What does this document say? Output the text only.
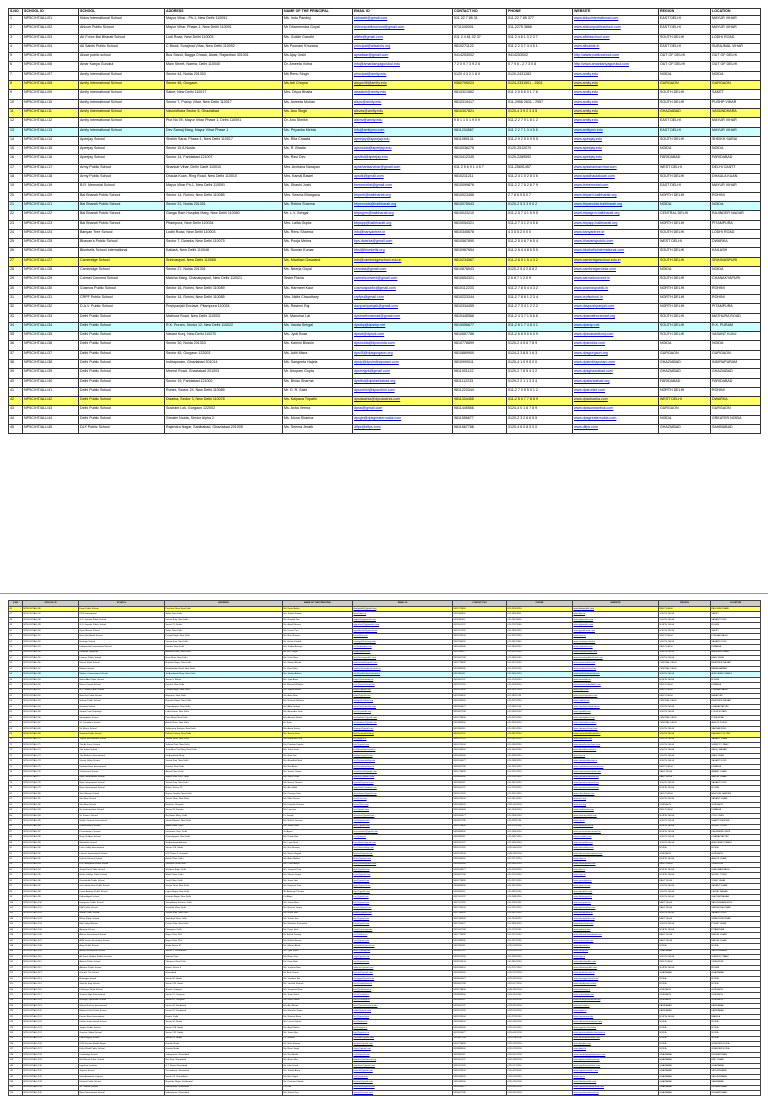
S.NO	SCHOOL ID	SCHOOL	ADDRESS	NAME OF THE PRINCIPAL	EMAIL ID	CONTACT NO	PHONE	WEBSITE	REGION	LOCATION
1	NPSC/HT/ALL/01	Kidos International School	Mayur Vihar - Ph-1, New Delhi 110091	Ms. Indu Pandey	kidosdel@gmail.com	011 22 7 85 31	011-22 7 85 377	www.kidosinternational.com	EAST DELHI	MAYUR VIHAR
2	NPSC/HT/ALL/02	Ahlcon Public School	Mayur Vihar, Phase-1, New Delhi 110091	Mr Dharmendra Goyal	ahlconpublicschool@gmail.com	9711040001	011-2275 3866	www.ahlconpublicschool.com	EAST DELHI	MAYUR VIHAR
3	NPSC/HT/ALL/03	Air Force Bal Bharati School	Lodi Road, New Delhi 110003	Ms. Goldie Gandhi	afbbs@gmail.com	011 2 4 61 02 37	011 2 4 6 1 0 2 3 7	www.afbbsschool.com	SOUTH DELHI	LODHI ROAD
4	NPSC/HT/ALL/04	All Saints Public School	C Block, Surajmal Vihar, New Delhi 110092	Ms Poonam Khurana	principal@allsaints.org	9810271122	011 2 2 3 7 4 4 5 1	www.allsaints.in	EAST DELHI	SURAJMAL VIHAR
5	NPSC/HT/ALL/05	Alwar public school	Bus Stand, Bagga Chowk, Alwar, Rajasthan 301001	Ms Ajay Joshi	apsalwar@gmail.com	9414253002	9414253002	http://alwarpublicschool.com	OUT OF DELHI	OUT OF DELHI
6	NPSC/HT/ALL/06	Amar Kanya Gurukul	Main Street, Narela, Delhi 110040	Dr. Ameeta Vohra	info@amarkanyagurukul.edu	7 2 0 9 7 3 9 2 6	0 7 9 6 - 2 7 3 0 8	http://www.amarkanyagurukul.com	OUT OF DELHI	OUT OF DELHI
7	NPSC/HT/ALL/07	Amity International School	Sector 44, Noida 201303	Ms Renu Singh	principal@amity.edu	0120 4 3 2 1 8 0	0120-2431283	www.amity.edu	NOIDA	NOIDA
8	NPSC/HT/ALL/08	Amity International School	Sector 46, Gurgaon	Ms Arti Chopra	aisgur46@amity.edu	9560795023	0124-2331501 - 2503	www.amity.edu	GURGAON	GURGAON
9	NPSC/HT/ALL/09	Amity International School	Saket, New Delhi 110017	Mrs. Divya Bhatia	aissaket@amity.edu	9810321562	011 2 9 5 6 0 1 7 6	www.amity.edu	SOUTH DELHI	SAKET
10	NPSC/HT/ALL/10	Amity International School	Sector 7, Pushp Vihar, New Delhi 110017	Ms. Ameeta Mohan	aispv@amity.edu	9810319417	011-2956 2631 - 2957	www.amity.edu	SOUTH DELHI	PUSHP VIHAR
11	NPSC/HT/ALL/11	Amity International School	Vasundhara Sector 6, Ghaziabad	Ms. Anu Singh	aisvas@amity.edu	9810307821	0120-4 3 9 2 3 4 5	www.amity.edu	GHAZIABAD	VASUNDHARA
12	NPSC/HT/ALL/12	Amity International School	Plot No 09, Mayur Vihar Phase 1, Delhi 110091	Dr. Anu Sheikh	aismv@amity.edu	9 8 1 1 0 1 9 0 9	011-2 2 7 9 1 8 1 2	www.amity.edu	EAST DELHI	MAYUR VIHAR
13	NPSC/HT/ALL/13	Amity International School	Dev Samaj Marg, Mayur Vihar Phase 1	Ms. Priyanka Mehta	info@amitymv.com	9811234567	011 2 2 7 1 3 4 5 5	www.amitymv.edu	EAST DELHI	MAYUR VIHAR
14	NPSC/HT/ALL/14	Apeejay School	Sheikh Sarai, Phase-1, New Delhi 110017	Ms. Rita Chawla	apeejay@apeejay.edu	9811089131	011-2 9 2 5 0 9 5 5	www.apeejay.edu	SOUTH DELHI	SHEIKH SARAI
15	NPSC/HT/ALL/15	Apeejay School	Sector 15 A Noida	Ms. R. Bhatia	apsnoida@apeejay.edu	9810036278	0120-2512070	www.apeejay.edu	NOIDA	NOIDA
16	NPSC/HT/ALL/16	Apeejay School	Sector 14, Faridabad 121007	Ms. Ravi Dev	apsfbd@apeejay.edu	9810412345	0129-2289592	www.apeejay.edu	FARIDABAD	FARIDABAD
17	NPSC/HT/ALL/17	Army Public School	Shankar Vihar, Delhi Cantt 110010	Mrs. Archana Narayan	apsshankarvihar@gmail.com	011 2 5 6 9 1 4 5 7	011-25691457	www.apsshankarvihar.com	WEST DELHI	DELHI CANTT
18	NPSC/HT/ALL/18	Army Public School	Dhaula Kuan, Ring Road, New Delhi 110010	Mrs. Kamal Bawel	apsdk@gmail.com	9810211211	011-2 4 1 0 2 8 3 6	www.apsdhaulakuan.com	SOUTH DELHI	DHAULA KUAN
19	NPSC/HT/ALL/19	B.R. Memorial School	Mayur Vihar Ph-1, New Delhi 110091	Ms. Shashi Joshi	brmemorial@gmail.com	9810099876	011-2 2 7 5 2 6 7 9	www.brmemorial.com	EAST DELHI	MAYUR VIHAR
20	NPSC/HT/ALL/20	Bal Bharati Public School	Sector 14, Rohini, New Delhi 110085	Mrs. Seema Bhargava	bbpsrh@balbharati.org	9810023456	2 7 8 6 9 5 0 7	www.bbpsrh.balbharati.org	NORTH DELHI	ROHINI
21	NPSC/HT/ALL/21	Bal Bharati Public School	Sector 21, Noida 201301	Ms. Rekha Sharma	bbpsnoida@balbharati.org	9810076543	0120-2 5 3 3 9 0 2	www.bbpsnoida.balbharati.org	NOIDA	NOIDA
22	NPSC/HT/ALL/22	Bal Bharati Public School	Ganga Ram Hospital Marg, New Delhi 110060	Mr. L.V. Sehgal	bbpsgrm@balbharati.org	9810043210	011-2 5 7 4 1 5 9 5	www.bbpsgrm.balbharati.org	CENTRAL DELHI	RAJINDER NAGAR
23	NPSC/HT/ALL/23	Bal Bharati Public School	Pitampura, New Delhi 110034	Mrs. Lalita Gupta	bbpspp@balbharati.org	9810054321	011-2 7 3 1 2 4 5 6	www.bbpspp.balbharati.org	NORTH DELHI	PITAMPURA
24	NPSC/HT/ALL/24	Banyan Tree School	Lodhi Road, New Delhi 110003	Ms. Renu Sharma	info@banyantree.in	9810345678	4 3 5 5 2 0 0 0	www.banyantree.in	SOUTH DELHI	LODHI ROAD
25	NPSC/HT/ALL/25	Bhavan's Public School	Sector 7, Dwarka, New Delhi 110075	Ms. Pooja Mehra	bps.dwarka@gmail.com	9810567890	011-2 5 0 8 7 6 5 4	www.bhavanspublic.com	WEST DELHI	DWARKA
26	NPSC/HT/ALL/26	Bluebells School International	Kailash, New Delhi 110048	Ms. Suman Kumar	bbsi@bluebells.org	9810987654	011-2 6 4 4 8 6 5 5	www.bluebellsinternational.com	SOUTH DELHI	KAILASH
27	NPSC/HT/ALL/27	Cambridge School	Srinivaspuri, New Delhi 110065	Ms. Madhavi Goswami	info@cambridgeschool.edu.in	9810234567	011-2 6 9 1 5 4 3 2	www.cambridgeschool.edu.in	SOUTH DELHI	SRINIVASPURI
28	NPSC/HT/ALL/28	Cambridge School	Sector 27, Noida 201301	Ms. Neerja Goyal	csnoida@gmail.com	9810876543	0120-2 5 4 2 8 6 2	www.cambridgenoida.com	NOIDA	NOIDA
29	NPSC/HT/ALL/29	Carmel Convent School	Malcha Marg, Chanakyapuri, New Delhi 110021	Sister Flavia	carmelconvent@gmail.com	9810654321	2 6 8 7 1 2 0 9	www.carmelconvent.in	SOUTH DELHI	CHANAKYAPURI
30	NPSC/HT/ALL/30	Cosmos Public School	Sector 16, Rohini, New Delhi 110089	Ms. Harmeet Kaur	cosmospublic@gmail.com	9810112233	011-2 7 8 5 4 4 3 2	www.cosmospublic.in	NORTH DELHI	ROHINI
31	NPSC/HT/ALL/31	CRPF Public School	Sector 14, Rohini, New Delhi 110085	Mrs. Nidhi Chaudhary	crpfps@gmail.com	9810223344	011-2 7 8 6 1 2 3 4	www.crpfschool.in	NORTH DELHI	ROHINI
32	NPSC/HT/ALL/32	D.A.V. Public School	Pushpanjali Enclave, Pitampura 110034	Ms. Rashmi Raj	davpushpanjali@gmail.com	9810334455	011-2 7 3 4 1 2 2 2	www.davpushpanjali.com	NORTH DELHI	PITAMPURA
33	NPSC/HT/ALL/33	Delhi Public School	Mathura Road, New Delhi 110003	Mr. Manohar Lal	dpsmathuraroad@gmail.com	9810445566	011-2 4 3 7 1 5 6 6	www.dpsmathuraroad.org	SOUTH DELHI	MATHURA ROAD
34	NPSC/HT/ALL/34	Delhi Public School	R.K. Puram, Sector 12, New Delhi 110022	Ms. Vanita Sehgal	dpsrkp@dpsrkp.net	9810556677	011-2 6 1 7 4 8 3 1	www.dpsrkp.net	SOUTH DELHI	R.K. PURAM
35	NPSC/HT/ALL/35	Delhi Public School	Vasant Kunj, New Delhi 110070	Ms. Jyoti Bose	dpsvk@dpsvk.com	9810667788	011-2 6 8 9 0 6 0 9	www.dpsvasantkunj.com	SOUTH DELHI	VASANT KUNJ
36	NPSC/HT/ALL/36	Delhi Public School	Sector 30, Noida 201303	Ms. Kamini Bhasin	dpsnoida@dpsnoida.com	9810778899	0120-2 4 5 6 7 8 9	www.dpsnoida.com	NOIDA	NOIDA
37	NPSC/HT/ALL/37	Delhi Public School	Sector 45, Gurgaon 122003	Ms. Aditi Misra	dps45@dpsgurgaon.org	9810889900	0124-2 3 8 5 1 6 3	www.dpsgurgaon.org	GURGAON	GURGAON
38	NPSC/HT/ALL/38	Delhi Public School	Indirapuram, Ghaziabad 201014	Ms. Sangeeta Hajela	dpsip@dpsindirapuram.com	9810990011	0120-4 1 0 9 5 0 0	www.dpsindirapuram.com	GHAZIABAD	INDIRAPURAM
39	NPSC/HT/ALL/39	Delhi Public School	Meerut Road, Ghaziabad 201003	Mr. Anupam Gupta	dpsmrgzb@gmail.com	9811001122	0120-2 7 6 5 4 3 2	www.dpsghaziabad.com	GHAZIABAD	GHAZIABAD
40	NPSC/HT/ALL/40	Delhi Public School	Sector 19, Faridabad 121002	Ms. Bindu Sharma	dpsfbd@dpsfaridabad.org	9811112233	0129-2 2 1 1 3 3 4	www.dpsfaridabad.org	FARIDABAD	FARIDABAD
41	NPSC/HT/ALL/41	Delhi Public School	Rohini, Sector 24, New Delhi 110085	Mr. D. R. Saini	dpsrohini@dpsrohini.com	9811223344	011-2 7 0 5 5 0 1 2	www.dpsrohini.com	NORTH DELHI	ROHINI
42	NPSC/HT/ALL/42	Delhi Public School	Dwarka, Sector 3, New Delhi 110078	Ms. Kalpana Tripathi	dpsdwarka@dpsdwarka.com	9811334455	011-2 5 0 7 7 8 8 9	www.dpsdwarka.com	WEST DELHI	DWARKA
43	NPSC/HT/ALL/43	Delhi Public School	Sushant Lok, Gurgaon 122002	Ms. Asha Verma	dpssl@gmail.com	9811445566	0124-4 0 1 6 7 8 9	www.dpssushantlok.com	GURGAON	GURGAON
44	NPSC/HT/ALL/44	Delhi Public School	Greater Noida, Sector Alpha 2	Ms. Mona Sharma	dpsgn@dpsgreaternoida.com	9811556677	0120-2 3 2 6 6 5 5	www.dpsgreaternoida.com	NOIDA	GREATER NOIDA
45	NPSC/HT/ALL/45	DLF Public School	Rajendra Nagar, Sahibabad, Ghaziabad 201005	Ms. Seema Jerath	dlfps@dlfps.com	9811667788	0120-4 6 0 8 5 0 0	www.dlfps.com	GHAZIABAD	SAHIBABAD
S.NO	SCHOOL ID	SCHOOL	ADDRESS	NAME OF THE PRINCIPAL	EMAIL ID	CONTACT NO	PHONE	WEBSITE	REGION	LOCATION
46	NPSC/HT/ALL/46	Doon Public School	Paschim Vihar, New Delhi	Ms. Kiran Mehta	doonpublic@gmail.com	9811778899	011-25261234	www.doonpublic.com	WEST DELHI	PASCHIM VIHAR
47	NPSC/HT/ALL/47	DPS International	Saket, New Delhi	Ms. Shalini Kapoor	dpsi@dpsi.in	9811889900	011-29563421	www.dpsi.in	SOUTH DELHI	SAKET
48	NPSC/HT/ALL/48	G.D. Goenka Public School	Vasant Kunj, New Delhi	Ms. Nandita Jain	gdgvk@gdgoenka.com	9811990011	011-26133456	www.gdgoenka.com	SOUTH DELHI	VASANT KUNJ
49	NPSC/HT/ALL/49	G.D. Goenka Public School	Sector 22, Rohini	Ms. Anjali Khanna	gdgrohini@gdgoenka.com	9812001122	011-27873456	www.gdgoenka.com	NORTH DELHI	ROHINI
50	NPSC/HT/ALL/50	Gyan Bharati School	Saket, New Delhi	Ms. Kaveri Puri	gyanbharati@gmail.com	9812112233	011-29561234	www.gyanbharati.com	SOUTH DELHI	SAKET
51	NPSC/HT/ALL/51	Hans Raj Model School	Punjabi Bagh, New Delhi	Ms. Rita Sharma	hrms@hrms.in	9812223344	011-25221234	www.hrms.in	WEST DELHI	PUNJABI BAGH
52	NPSC/HT/ALL/52	Heritage School	Vasant Kunj, New Delhi	Mr. Vishnu Karthik	heritage@heritage.edu	9812334455	011-26122345	www.heritageschool.in	SOUTH DELHI	VASANT KUNJ
53	NPSC/HT/ALL/53	Indraprastha International School	Dwarka, New Delhi	Ms. Sudha Acharya	iis@iisdwarka.com	9812445566	011-28041234	www.iisdwarka.com	WEST DELHI	DWARKA
54	NPSC/HT/ALL/54	Kendriya Vidyalaya	Andrews Ganj, New Delhi	Mr. R.K. Singh	kvag@gmail.com	9812556677	011-26251234	www.kvandrewsganj.org	SOUTH DELHI	ANDREWS GANJ
55	NPSC/HT/ALL/55	Laxman Public School	Hauz Khas, New Delhi	Ms. Usha Ram	lps@laxmanpublic.com	9812667788	011-26561234	www.laxmanpublicschool.com	SOUTH DELHI	HAUZ KHAS
56	NPSC/HT/ALL/56	Manav Sthali School	Rajinder Nagar, New Delhi	Ms. Mamta Bhatia	manavsthali@gmail.com	9812778899	011-25731234	www.manavsthali.com	CENTRAL DELHI	RAJINDER NAGAR
57	NPSC/HT/ALL/57	Modern School	Barakhamba Road, New Delhi	Dr. Vijay Datta	modern@modernschool.net	9812889900	011-23311234	www.modernschool.net	CENTRAL DELHI	BARAKHAMBA
58	NPSC/HT/ALL/58	Mother's International School	Sri Aurobindo Marg, New Delhi	Ms. Shalini Advani	mis@motherinternational.in	9812990011	011-26561234	www.motherinternational.in	SOUTH DELHI	AUROBINDO MARG
59	NPSC/HT/ALL/59	Mount Abu Public School	Sector 5, Rohini	Ms. Jyoti Arora	maps@mountabu.in	9813001122	011-27051234	www.mountabu.in	NORTH DELHI	ROHINI
60	NPSC/HT/ALL/60	Mount Carmel School	Dwarka, New Delhi	Mr. Michael Williams	mcs@mountcarmel.in	9813112233	011-25081234	www.mountcarmeldelhi.com	WEST DELHI	DWARKA
61	NPSC/HT/ALL/61	N.C. Jindal Public School	Punjabi Bagh, New Delhi	Ms. Sapna Bhalla	ncjps@gmail.com	9813223344	011-25221234	www.ncjps.com	WEST DELHI	PUNJABI BAGH
62	NPSC/HT/ALL/62	New Era Public School	Mayapuri, New Delhi	Ms. Anita Rani	neps@gmail.com	9813334455	011-28111234	www.nepsmayapuri.com	WEST DELHI	MAYAPURI
63	NPSC/HT/ALL/63	Salwan Public School	Rajinder Nagar, New Delhi	Ms. Rashmi Malhotra	salwan@salwan.org	9813445566	011-25731234	www.salwan.org	CENTRAL DELHI	RAJINDER NAGAR
64	NPSC/HT/ALL/64	Sanskriti School	Chanakyapuri, New Delhi	Ms. Abha Sahgal	sanskriti@sanskriti.edu	9813556677	011-26111234	www.sanskritischool.edu.in	SOUTH DELHI	CHANAKYAPURI
65	NPSC/HT/ALL/65	Sardar Patel Vidyalaya	Lodhi Estate, New Delhi	Ms. Anuradha Joshi	spv@spvdelhi.org	9813667788	011-24361234	www.spvdelhi.org	SOUTH DELHI	LODHI ESTATE
66	NPSC/HT/ALL/66	Springdales School	Pusa Road, New Delhi	Ms. Ameeta Wattal	springdales@gmail.com	9813778899	011-25751234	www.springdales.com	CENTRAL DELHI	PUSA ROAD
67	NPSC/HT/ALL/67	St. Columba's School	Ashok Place, New Delhi	Br. Ryan	stcolumbas@gmail.com	9813889900	011-23361234	www.stcolumbas.edu.in	CENTRAL DELHI	ASHOK PLACE
68	NPSC/HT/ALL/68	St. Mary's School	Safdarjung Enclave, New Delhi	Ms. Annie Koshy	stmarys@gmail.com	9813990011	011-26101234	www.stmarysschool.com	SOUTH DELHI	SAFDARJUNG
69	NPSC/HT/ALL/69	Summer Fields School	Kailash Colony, New Delhi	Ms. Seema Kaur	sfs@summerfields.in	9814001122	011-29231234	www.summerfieldsschool.in	SOUTH DELHI	KAILASH COLONY
70	NPSC/HT/ALL/70	Tagore International School	Vasant Vihar, New Delhi	Ms. Madhulika Sen	tis@tagore.in	9814112233	011-26141234	www.tagoreint.com	SOUTH DELHI	VASANT VIHAR
71	NPSC/HT/ALL/71	The Air Force School	Subroto Park, New Delhi	Ms. Poonam Kapoor	tafs@gmail.com	9814223344	011-25691234	www.theairforceschool.com	SOUTH DELHI	SUBROTO PARK
72	NPSC/HT/ALL/72	The Indian School	Josip Broz Tito Marg, New Delhi	Ms. Tania Joshi	tis@theindianschool.in	9814334455	011-26491234	www.theindianschool.in	SOUTH DELHI	SADIQ NAGAR
73	NPSC/HT/ALL/73	The Mother's International	Sri Aurobindo Marg	Ms. Rina Das	mother@gmail.com	9814445566	011-26851234	www.tmis.in	SOUTH DELHI	HAUZ KHAS
74	NPSC/HT/ALL/74	Vasant Valley School	Vasant Kunj, New Delhi	Ms. Arundhati Nath	vvs@vasantvalley.edu	9814556677	011-26891234	www.vasantvalley.edu.in	SOUTH DELHI	VASANT KUNJ
75	NPSC/HT/ALL/75	Venkateshwar International	Dwarka, New Delhi	Ms. Nita Arora	vis@venkateshwar.in	9814667788	011-25071234	www.venkateshwarschool.com	WEST DELHI	DWARKA
76	NPSC/HT/ALL/76	Vivekanand School	Anand Vihar, Delhi	Ms. Sunita Chopra	vivekanand@gmail.com	9814778899	011-22151234	www.vivekanandschool.com	EAST DELHI	ANAND VIHAR
77	NPSC/HT/ALL/77	Ryan International School	Mayur Vihar Ph-3, Delhi	Ms. Grace Pinto	ryanmv@ryanint.com	9814889900	011-22621234	www.ryaninternational.org	EAST DELHI	MAYUR VIHAR
78	NPSC/HT/ALL/78	Ryan International School	Vasant Kunj, New Delhi	Ms. Beena Thomas	ryanvk@ryanint.com	9814990011	011-26131234	www.ryaninternational.org	SOUTH DELHI	VASANT KUNJ
79	NPSC/HT/ALL/79	Ryan International School	Rohini, Sector 25	Ms. Anu Malik	ryanrohini@ryanint.com	9815001122	011-27941234	www.ryaninternational.org	NORTH DELHI	ROHINI
80	NPSC/HT/ALL/80	Shiv Niketan School	Rajouri Garden, New Delhi	Ms. Parveen Kaur	shivniketan@gmail.com	9815112233	011-25101234	www.shivniketan.com	WEST DELHI	RAJOURI GARDEN
81	NPSC/HT/ALL/81	Shri Ram School	Vasant Vihar, New Delhi	Ms. Mala Kumar	tsrs@tsrs.org	9815223344	011-26141234	www.tsrs.org	SOUTH DELHI	VASANT VIHAR
82	NPSC/HT/ALL/82	Shri Ram School	Moulsari, Gurgaon	Ms. Deepika Sharma	tsrsm@tsrs.org	9815334455	0124-4041234	www.tsrs.org	GURGAON	GURGAON
83	NPSC/HT/ALL/83	Sri Venkateshwar School	Sector 18, Dwarka	Ms. Lata Iyer	svs@gmail.com	9815445566	011-25081234	www.svsdwarka.com	WEST DELHI	DWARKA
84	NPSC/HT/ALL/84	St. Xavier's School	Raj Niwas Marg, Delhi	Fr. Joseph	stxaviers@gmail.com	9815556677	011-23961234	www.stxaviersdelhi.com	NORTH DELHI	CIVIL LINES
85	NPSC/HT/ALL/85	Sadhu Vaswani International	Shanti Niketan, New Delhi	Ms. Rekha Vaswani	svis@gmail.com	9815667788	011-24111234	www.svis.in	SOUTH DELHI	SHANTI NIKETAN
86	NPSC/HT/ALL/86	Queen Mary's School	Model Town, Delhi	Ms. Sarah John	qms@gmail.com	9815778899	011-27211234	www.queenmarys.in	NORTH DELHI	MODEL TOWN
87	NPSC/HT/ALL/87	Presentation Convent	Kashmere Gate, Delhi	Sr. Agnes	presentation@gmail.com	9815889900	011-23961234	www.presentationconvent.in	NORTH DELHI	KASHMERE GATE
88	NPSC/HT/ALL/88	Navy Children School	Chanakyapuri, New Delhi	Ms. Kavita Nair	ncs@navy.in	9815990011	011-26871234	www.ncsdelhi.com	SOUTH DELHI	CHANAKYAPURI
89	NPSC/HT/ALL/89	Mirambika School	Sri Aurobindo Ashram	Ms. Lopa Shah	mirambika@gmail.com	9816001122	011-26561234	www.mirambika.org	SOUTH DELHI	AUROBINDO MARG
90	NPSC/HT/ALL/90	Lotus Valley International	Sector 126, Noida	Ms. Ritu Sharma	lvis@lotusvalley.com	9816112233	0120-4601234	www.lotusvalley.com	NOIDA	NOIDA
91	NPSC/HT/ALL/91	Lancers International School	DLF Phase 5, Gurgaon	Ms. Neeru Nagpal	lancers@gmail.com	9816223344	0124-4591234	www.lancersinternational.com	GURGAON	GURGAON
92	NPSC/HT/ALL/92	Kulachi Hansraj School	Ashok Vihar, Delhi	Ms. Anita Makkar	khms@gmail.com	9816334455	011-27131234	www.khms.in	NORTH DELHI	ASHOK VIHAR
93	NPSC/HT/ALL/93	K.R. Mangalam World School	Vikaspuri, New Delhi	Ms. Preeti Ahuja	krm@krmangalam.com	9816445566	011-28541234	www.krmangalam.com	WEST DELHI	VIKASPURI
94	NPSC/HT/ALL/94	Jaspal Kaur Public School	Shalimar Bagh, Delhi	Ms. Jaspreet Kaur	jkps@gmail.com	9816556677	011-27481234	www.jkps.in	NORTH DELHI	SHALIMAR BAGH
95	NPSC/HT/ALL/95	Hindu College Public School	Model Town, Delhi	Ms. Meena Gupta	hcps@gmail.com	9816667788	011-27241234	www.hcps.in	NORTH DELHI	MODEL TOWN
96	NPSC/HT/ALL/96	Greenfields Public School	Vivek Vihar, Delhi	Ms. Sonia Jain	gps@gmail.com	9816778899	011-22151234	www.greenfields.in	EAST DELHI	VIVEK VIHAR
97	NPSC/HT/ALL/97	Guru Harkrishan Public School	Vasant Vihar, New Delhi	Ms. Harpreet Kaur	ghps@gmail.com	9816889900	011-26141234	www.ghpsvv.com	SOUTH DELHI	VASANT VIHAR
98	NPSC/HT/ALL/98	Frank Anthony Public School	Lajpat Nagar, New Delhi	Mr. Anthony D'Souza	faps@gmail.com	9816990011	011-26411234	www.fapsdelhi.com	SOUTH DELHI	LAJPAT NAGAR
99	NPSC/HT/ALL/99	Father Agnel School	Gautam Nagar, New Delhi	Fr. Alwyn	fas@gmail.com	9817001122	011-26861234	www.fatheragnel.in	SOUTH DELHI	GAUTAM NAGAR
100	NPSC/HT/ALL/100	Evergreen Public School	Vasundhara Enclave, Delhi	Ms. Geeta Rani	eps@gmail.com	9817112233	011-22611234	www.evergreen.in	EAST DELHI	VASUNDHARA ENCL.
101	NPSC/HT/ALL/101	DAV Public School	Sreshtha Vihar, Delhi	Ms. Rashmi Verma	davsv@gmail.com	9817223344	011-22151234	www.davsreshtha.com	EAST DELHI	SRESHTHA VIHAR
102	NPSC/HT/ALL/102	Bloom Public School	Vasant Kunj, New Delhi	Ms. Nisha Rao	bloom@gmail.com	9817334455	011-26131234	www.bloompublic.in	SOUTH DELHI	VASANT KUNJ
103	NPSC/HT/ALL/103	Bharti Public School	Swasthya Vihar, Delhi	Ms. Sunita Jain	bps@gmail.com	9817445566	011-22041234	www.bhartipublic.com	EAST DELHI	SWASTHYA VIHAR
104	NPSC/HT/ALL/104	Birla Vidya Niketan	Pushp Vihar, New Delhi	Ms. Minakshi Kushwaha	bvn@gmail.com	9817556677	011-29561234	www.bvnschool.com	SOUTH DELHI	PUSHP VIHAR
105	NPSC/HT/ALL/105	Apeejay School	Pitampura, Delhi	Ms. Pooja Seth	apsp@apeejay.edu	9817667788	011-27311234	www.apeejay.edu	NORTH DELHI	PITAMPURA
106	NPSC/HT/ALL/106	Ahlcon International School	Mayur Vihar Ph-1	Mr. Ashok Pandey	ais@ahlcon.in	9817778899	011-22751234	www.ahlconinternational.com	EAST DELHI	MAYUR VIHAR
107	NPSC/HT/ALL/107	ASN Senior Secondary School	Mayur Vihar Ph-1	Ms. Rekha Bansal	asn@gmail.com	9817889900	011-22711234	www.asnschool.com	EAST DELHI	MAYUR VIHAR
108	NPSC/HT/ALL/108	Army Public School	Noida Sector 37	Ms. Meenu Bhatt	apsnoida@gmail.com	9817990011	0120-2431234	www.apsnoida.in	NOIDA	NOIDA
109	NPSC/HT/ALL/109	Amity International School	Sector 1, Vasundhara	Ms. Jyoti Sahni	aisv1@amity.edu	9818001122	0120-4391234	www.amity.edu	GHAZIABAD	VASUNDHARA
110	NPSC/HT/ALL/110	Air Force Golden Jubilee Institute	Subroto Park	Ms. Rama Das	afgji@gmail.com	9818112233	011-25691234	www.afgji.in	SOUTH DELHI	SUBROTO PARK
111	NPSC/HT/ALL/111	Adarsh Public School	Vikaspuri, New Delhi	Ms. Kiran Bala	aps@gmail.com	9818223344	011-28541234	www.adarshpublic.com	WEST DELHI	VIKASPURI
112	NPSC/HT/ALL/112	Abhinav Public School	Rohini, Sector 3	Ms. Sushma Rani	abhinav@gmail.com	9818334455	011-27571234	www.abhinavpublic.com	NORTH DELHI	ROHINI
113	NPSC/HT/ALL/113	Gurukul The School	Ghaziabad	Mr. Arun Kumar	gurukul@gmail.com	9818445566	0120-2761234	www.gurukulschool.in	GHAZIABAD	GHAZIABAD
114	NPSC/HT/ALL/114	Ramagya School	Sector 50, Noida	Ms. Vandana Rai	ramagya@gmail.com	9818556677	0120-4201234	www.ramagyaschool.com	NOIDA	NOIDA
115	NPSC/HT/ALL/115	Step By Step School	Sector 132, Noida	Ms. Vaishali Sharma	sbs@stepbystep.in	9818667788	0120-4771234	www.stepbystep.school	NOIDA	NOIDA
116	NPSC/HT/ALL/116	Pathways World School	Aravali, Gurgaon	Ms. Sangeeta Bose	pws@pathways.in	9818778899	0124-4821234	www.pathways.in	GURGAON	GURGAON
117	NPSC/HT/ALL/117	Scottish High International	Sector 57, Gurgaon	Ms. Sarita Kohli	shis@scottish.in	9818889900	0124-4111234	www.scottishigh.com	GURGAON	GURGAON
118	NPSC/HT/ALL/118	Heritage Xperiential School	Sector 62, Gurgaon	Ms. Neeru Mittal	hxls@heritage.in	9818990011	0124-4551234	www.heritagexperiential.org	GURGAON	GURGAON
119	NPSC/HT/ALL/119	Manav Rachna International	Sector 46, Faridabad	Ms. Anu Bhatia	mris@manavrachna.edu	9819001122	0129-4191234	www.mris.edu.in	FARIDABAD	FARIDABAD
120	NPSC/HT/ALL/120	Modern Delhi Public School	Sector 87, Faridabad	Ms. Manisha Gupta	mdps@gmail.com	9819112233	0129-4031234	www.mdps.in	FARIDABAD	FARIDABAD
121	NPSC/HT/ALL/121	Kasturi Ram International	Narela, Delhi	Ms. Naveen Rana	kris@gmail.com	9819223344	011-27281234	www.kasturiram.edu	NORTH DELHI	NARELA
122	NPSC/HT/ALL/122	Kothari International School	Sector 50, Noida	Ms. Leena Kothari	kis@kothari.in	9819334455	0120-4561234	www.kothariinternational.com	NOIDA	NOIDA
123	NPSC/HT/ALL/123	Jaypee Public School	Sector 128, Noida	Ms. Anjali Mehra	jps@jaypee.in	9819445566	0120-4611234	www.jaypeeschool.com	NOIDA	NOIDA
124	NPSC/HT/ALL/124	Genesis Global School	Sector 132, Noida	Ms. Sarita Rao	ggs@genesis.in	9819556677	0120-4621234	www.genesisglobalschool.edu.in	NOIDA	NOIDA
125	NPSC/HT/ALL/125	Father Agnel School	Sector 62, Noida	Fr. Thomas	fasnoida@gmail.com	9819667788	0120-2401234	www.fatheragnelnoida.com	NOIDA	NOIDA
126	NPSC/HT/ALL/126	DPS Gautam Buddh Nagar	Greater Noida	Ms. Bela Sharma	dpsgbn@gmail.com	9819778899	0120-2321234	www.dpsgbn.com	NOIDA	GREATER NOIDA
127	NPSC/HT/ALL/127	Delhi World Public School	Greater Noida	Ms. Renu Singh	dwps@gmail.com	9819889900	0120-2331234	www.dwps.in	NOIDA	GREATER NOIDA
128	NPSC/HT/ALL/128	Cambridge School	Indirapuram, Ghaziabad	Ms. Ritu Bhalla	csip@gmail.com	9819990011	0120-4151234	www.cambridgeindirapuram.com	GHAZIABAD	INDIRAPURAM
129	NPSC/HT/ALL/129	Bal Bharati Public School	Brij Vihar, Ghaziabad	Ms. Aruna Roy	bbpsbv@balbharati.org	9820001122	0120-2681234	www.bbpsbv.balbharati.org	GHAZIABAD	BRIJ VIHAR
130	NPSC/HT/ALL/130	Ingraham Institute	G.T. Road, Ghaziabad	Mr. John David	ingraham@gmail.com	9820112233	0120-2711234	www.ingrahaminstitute.com	GHAZIABAD	GHAZIABAD
131	NPSC/HT/ALL/131	Jaipuria School	Vasundhara, Ghaziabad	Ms. Shikha Arora	jaipuria@gmail.com	9820223344	0120-4551234	www.jaipuriaschools.com	GHAZIABAD	VASUNDHARA
132	NPSC/HT/ALL/132	Seth Anandram Jaipuria	Sector 14, Vasundhara	Ms. Ritu Goyal	saj@jaipuria.in	9820334455	0120-4411234	www.sajs.in	GHAZIABAD	VASUNDHARA
133	NPSC/HT/ALL/133	Khaitan Public School	Rajendra Nagar, Sahibabad	Ms. Poonam Khaitan	khaitan@gmail.com	9820445566	0120-2631234	www.khaitanpublic.com	GHAZIABAD	SAHIBABAD
134	NPSC/HT/ALL/134	St. Thomas School	Indirapuram, Ghaziabad	Fr. Paul	stthomas@gmail.com	9820556677	0120-4161234	www.stthomasindirapuram.com	GHAZIABAD	INDIRAPURAM
135	NPSC/HT/ALL/135	Ryan International School	Indirapuram, Ghaziabad	Ms. Sheela Joy	ryanip@ryanint.com	9820667788	0120-4181234	www.ryaninternational.org	GHAZIABAD	INDIRAPURAM
